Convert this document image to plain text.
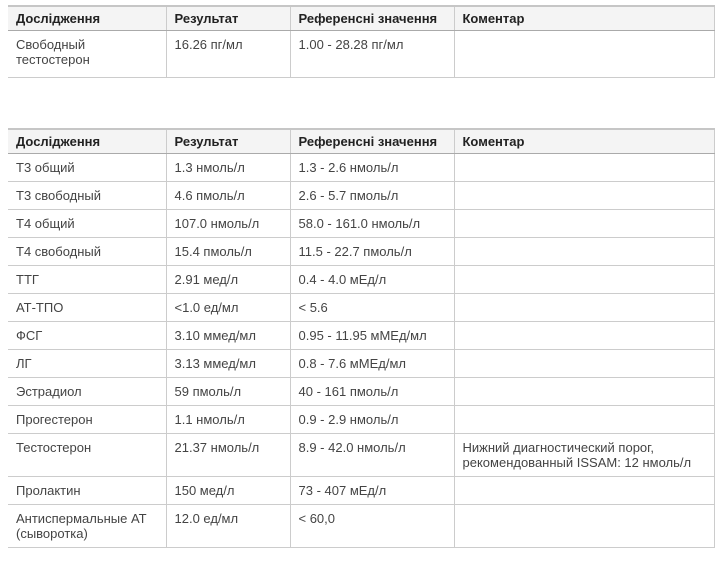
Дослідження	Результат	Референсні значення	Коментар
Свободный тестостерон	16.26 пг/мл	1.00 - 28.28 пг/мл	
Дослідження	Результат	Референсні значення	Коментар
Т3 общий	1.3 нмоль/л	1.3 - 2.6 нмоль/л	
Т3 свободный	4.6 пмоль/л	2.6 - 5.7 пмоль/л	
Т4 общий	107.0 нмоль/л	58.0 - 161.0 нмоль/л	
Т4 свободный	15.4 пмоль/л	11.5 - 22.7 пмоль/л	
ТТГ	2.91 мед/л	0.4 - 4.0 мЕд/л	
АТ-ТПО	<1.0 ед/мл	< 5.6	
ФСГ	3.10 ммед/мл	0.95 - 11.95 мМЕд/мл	
ЛГ	3.13 ммед/мл	0.8 - 7.6 мМЕд/мл	
Эстрадиол	59 пмоль/л	40 - 161 пмоль/л	
Прогестерон	1.1 нмоль/л	0.9 - 2.9 нмоль/л	
Тестостерон	21.37 нмоль/л	8.9 - 42.0 нмоль/л	Нижний диагностический порог, рекомендованный ISSAM: 12 нмоль/л
Пролактин	150 мед/л	73 - 407 мЕд/л	
Антиспермальные АТ (сыворотка)	12.0 ед/мл	< 60,0	
